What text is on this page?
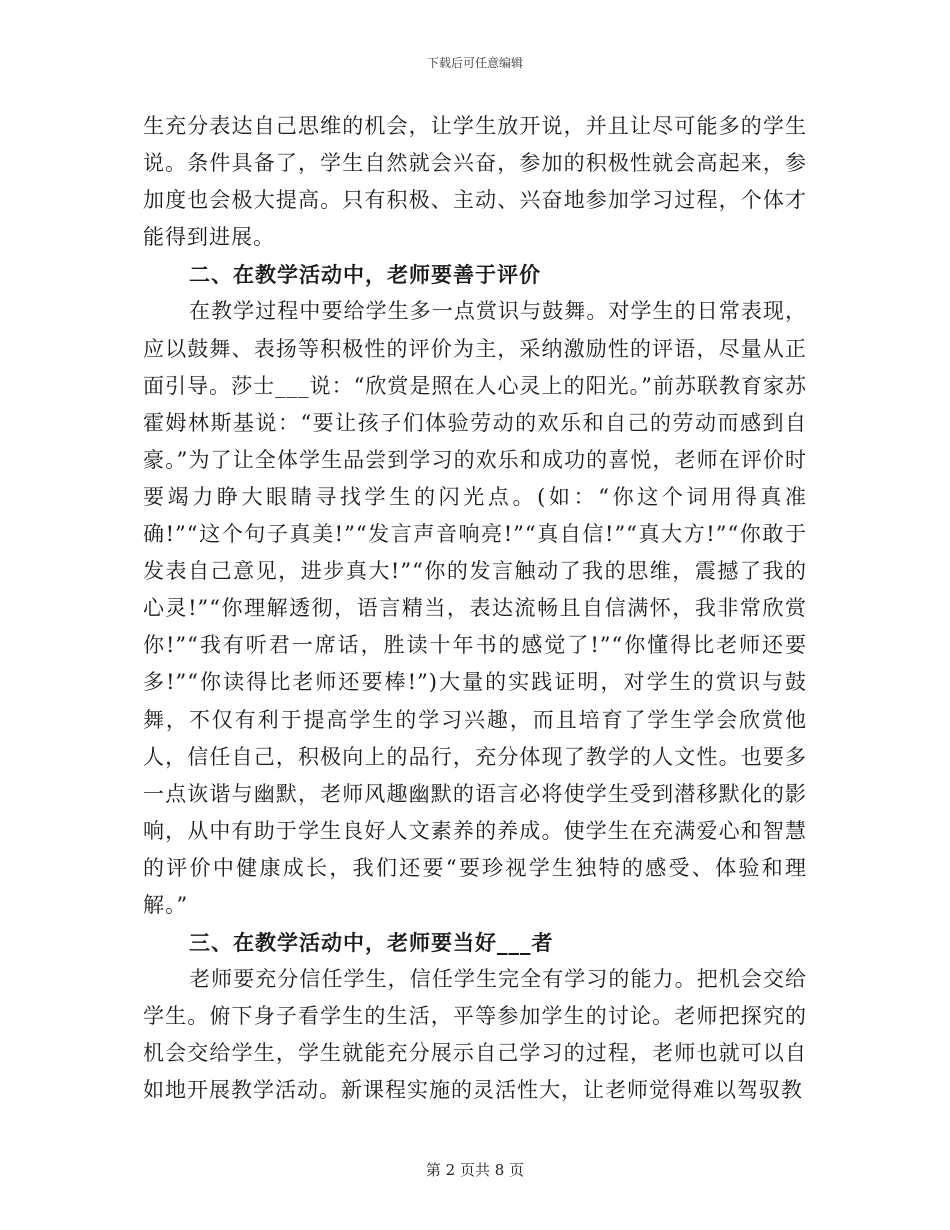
下载后可任意编辑

生充分表达自己思维的机会，让学生放开说，并且让尽可能多的学生说。条件具备了，学生自然就会兴奋，参加的积极性就会高起来，参加度也会极大提高。只有积极、主动、兴奋地参加学习过程，个体才能得到进展。

二、在教学活动中，老师要善于评价

在教学过程中要给学生多一点赏识与鼓舞。对学生的日常表现，应以鼓舞、表扬等积极性的评价为主，采纳激励性的评语，尽量从正面引导。莎士___说：“欣赏是照在人心灵上的阳光。”前苏联教育家苏霍姆林斯基说：“要让孩子们体验劳动的欢乐和自己的劳动而感到自豪。”为了让全体学生品尝到学习的欢乐和成功的喜悦，老师在评价时要竭力睁大眼睛寻找学生的闪光点。(如：“你这个词用得真准确!”“这个句子真美!”“发言声音响亮!”“真自信!”“真大方!”“你敢于发表自己意见，进步真大!”“你的发言触动了我的思维，震撼了我的心灵!”“你理解透彻，语言精当，表达流畅且自信满怀，我非常欣赏你!”“我有听君一席话，胜读十年书的感觉了!”“你懂得比老师还要多!”“你读得比老师还要棒!”)大量的实践证明，对学生的赏识与鼓舞，不仅有利于提高学生的学习兴趣，而且培育了学生学会欣赏他人，信任自己，积极向上的品行，充分体现了教学的人文性。也要多一点诙谐与幽默，老师风趣幽默的语言必将使学生受到潜移默化的影响，从中有助于学生良好人文素养的养成。使学生在充满爱心和智慧的评价中健康成长，我们还要“要珍视学生独特的感受、体验和理解。”

三、在教学活动中，老师要当好___者

老师要充分信任学生，信任学生完全有学习的能力。把机会交给学生。俯下身子看学生的生活，平等参加学生的讨论。老师把探究的机会交给学生，学生就能充分展示自己学习的过程，老师也就可以自如地开展教学活动。新课程实施的灵活性大，让老师觉得难以驾驭教

第 2 页共 8 页
